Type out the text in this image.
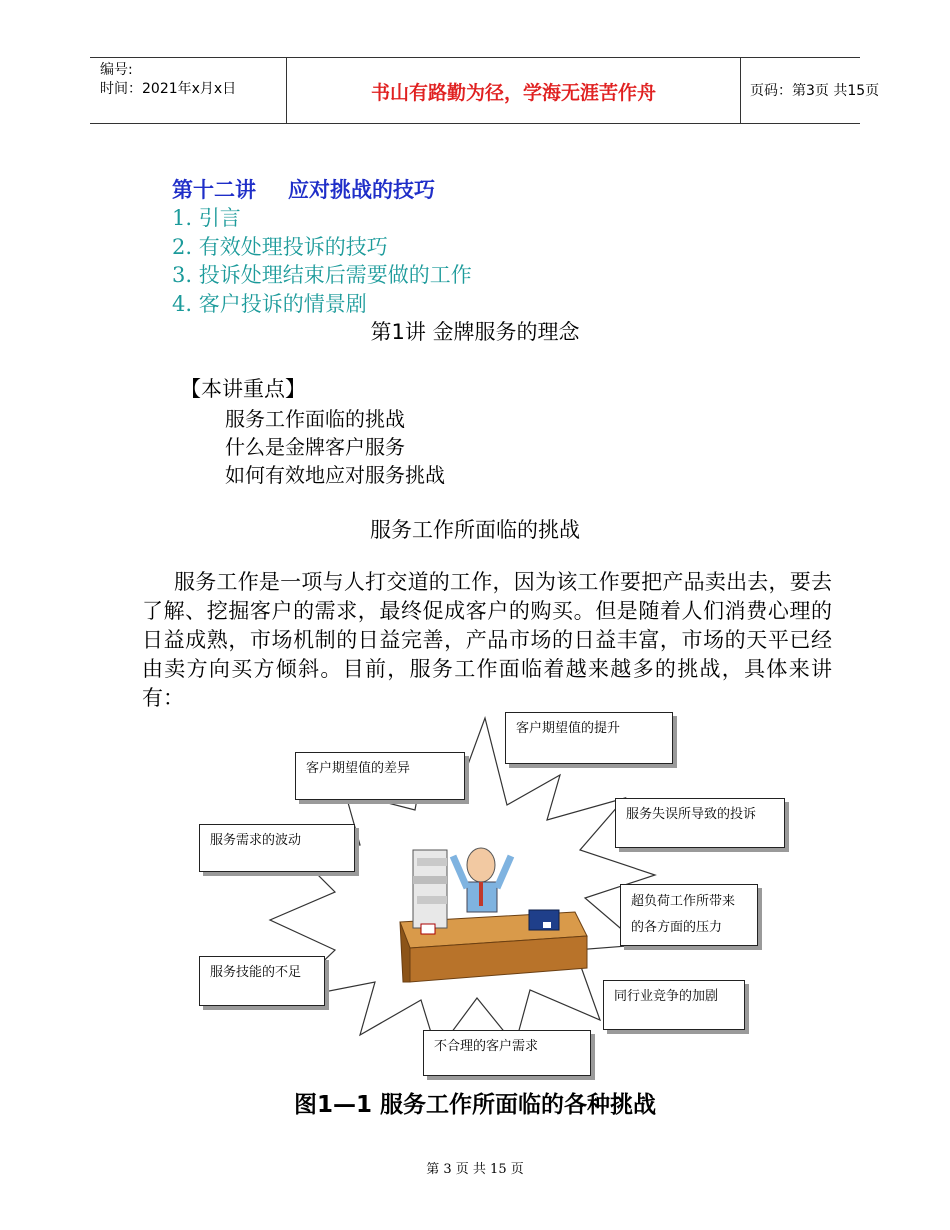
编号:
时间：2021年x月x日	书山有路勤为径，学海无涯苦作舟	页码：第3页 共15页
第十二讲 应对挑战的技巧
1. 引言
2. 有效处理投诉的技巧
3. 投诉处理结束后需要做的工作
4. 客户投诉的情景剧
第1讲 金牌服务的理念
【本讲重点】
服务工作面临的挑战
什么是金牌客户服务
如何有效地应对服务挑战
服务工作所面临的挑战

服务工作是一项与人打交道的工作，因为该工作要把产品卖出去，要去了解、挖掘客户的需求，最终促成客户的购买。但是随着人们消费心理的日益成熟，市场机制的日益完善，产品市场的日益丰富，市场的天平已经由卖方向买方倾斜。目前，服务工作面临着越来越多的挑战，具体来讲有：

客户期望值的提升
客户期望值的差异
服务失误所导致的投诉
服务需求的波动
超负荷工作所带来的各方面的压力
服务技能的不足
同行业竞争的加剧
不合理的客户需求
图1—1 服务工作所面临的各种挑战
第 3 页 共 15 页
